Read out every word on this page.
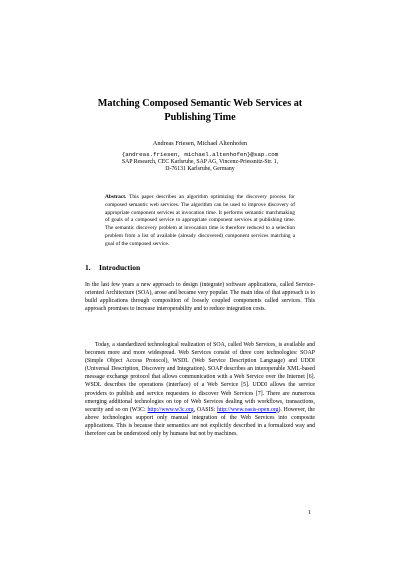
Matching Composed Semantic Web Services at
Publishing Time
Andreas Friesen, Michael Altenhofen
{andreas.friesen, michael.altenhofen}@sap.com
SAP Research, CEC Karlsruhe, SAP AG, Vincenz-Priessnitz-Str. 1,
D-76131 Karlsruhe, Germany
Abstract. This paper describes an algorithm optimizing the discovery process for composed semantic web services. The algorithm can be used to improve discovery of appropriate component services at invocation time. It performs semantic matchmaking of goals of a composed service to appropriate component services at publishing time. The semantic discovery problem at invocation time is therefore reduced to a selection problem from a list of available (already discovered) component services matching a goal of the composed service.
1. Introduction

In the last few years a new approach to design (integrate) software applications, called Service-oriented Architecture (SOA), arose and became very popular. The main idea of that approach is to build applications through composition of loosely coupled components called services. This approach promises to increase interoperability and to reduce integration costs.

Today, a standardized technological realization of SOA, called Web Services, is available and becomes more and more widespread. Web Services consist of three core technologies: SOAP (Simple Object Access Protocol), WSDL (Web Service Description Language) and UDDI (Universal Description, Discovery and Integration). SOAP describes an interoperable XML-based message exchange protocol that allows communication with a Web Service over the Internet [6]. WSDL describes the operations (interface) of a Web Service [5]. UDDI allows the service providers to publish and service requesters to discover Web Services [7]. There are numerous emerging additional technologies on top of Web Services dealing with workflows, transactions, security and so on (W3C: http://www.w3c.org, OASIS: http://www.oasis-open.org). However, the above technologies support only manual integration of the Web Services into composite applications. This is because their semantics are not explicitly described in a formalized way and therefore can be understood only by humans but not by machines.

1
